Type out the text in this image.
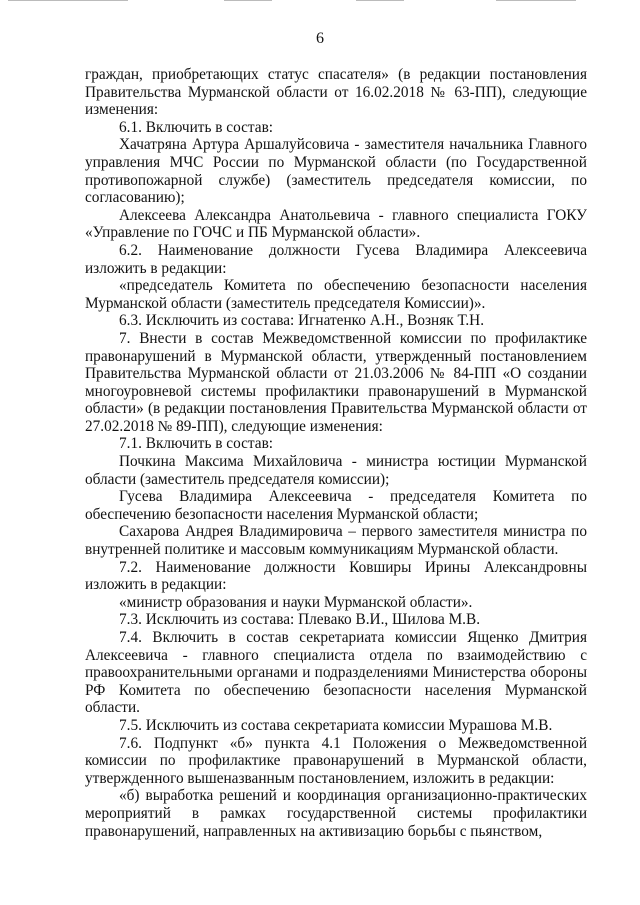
6

граждан, приобретающих статус спасателя» (в редакции постановления Правительства Мурманской области от 16.02.2018 № 63-ПП), следующие изменения:

6.1. Включить в состав:

Хачатряна Артура Аршалуйсовича - заместителя начальника Главного управления МЧС России по Мурманской области (по Государственной противопожарной службе) (заместитель председателя комиссии, по согласованию);

Алексеева Александра Анатольевича - главного специалиста ГОКУ «Управление по ГОЧС и ПБ Мурманской области».

6.2. Наименование должности Гусева Владимира Алексеевича изложить в редакции:

«председатель Комитета по обеспечению безопасности населения Мурманской области (заместитель председателя Комиссии)».

6.3. Исключить из состава: Игнатенко А.Н., Возняк Т.Н.

7. Внести в состав Межведомственной комиссии по профилактике правонарушений в Мурманской области, утвержденный постановлением Правительства Мурманской области от 21.03.2006 № 84-ПП «О создании многоуровневой системы профилактики правонарушений в Мурманской области» (в редакции постановления Правительства Мурманской области от 27.02.2018 № 89-ПП), следующие изменения:

7.1. Включить в состав:

Почкина Максима Михайловича - министра юстиции Мурманской области (заместитель председателя комиссии);

Гусева Владимира Алексеевича - председателя Комитета по обеспечению безопасности населения Мурманской области;

Сахарова Андрея Владимировича – первого заместителя министра по внутренней политике и массовым коммуникациям Мурманской области.

7.2. Наименование должности Ковширы Ирины Александровны изложить в редакции:

«министр образования и науки Мурманской области».

7.3. Исключить из состава: Плевако В.И., Шилова М.В.

7.4. Включить в состав секретариата комиссии Ященко Дмитрия Алексеевича - главного специалиста отдела по взаимодействию с правоохранительными органами и подразделениями Министерства обороны РФ Комитета по обеспечению безопасности населения Мурманской области.

7.5. Исключить из состава секретариата комиссии Мурашова М.В.

7.6. Подпункт «б» пункта 4.1 Положения о Межведомственной комиссии по профилактике правонарушений в Мурманской области, утвержденного вышеназванным постановлением, изложить в редакции:

«б) выработка решений и координация организационно-практических мероприятий в рамках государственной системы профилактики правонарушений, направленных на активизацию борьбы с пьянством,
